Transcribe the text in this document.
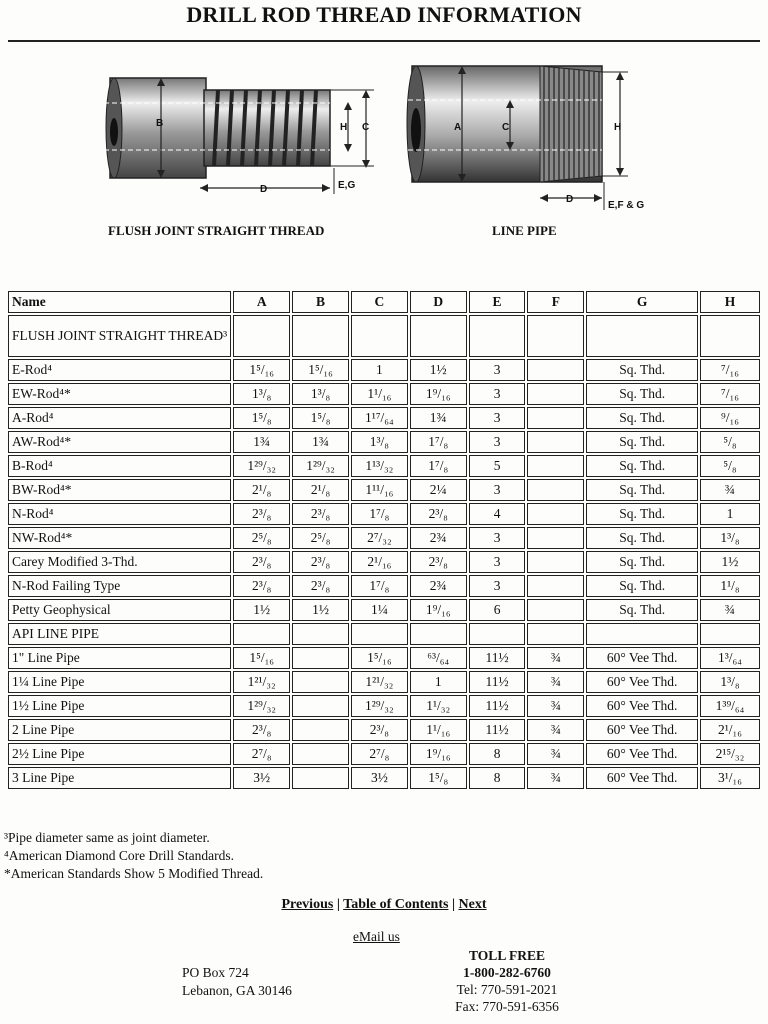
DRILL ROD THREAD INFORMATION
B	H C
D	E,G
FLUSH JOINT STRAIGHT THREAD
A	C	H
D
E,F & G
LINE PIPE
Name	A	B	C	D	E	F	G	H
FLUSH JOINT STRAIGHT THREAD³								
E-Rod⁴	1⁵/₁₆	1⁵/₁₆	1	1½	3		Sq. Thd.	⁷/₁₆
EW-Rod⁴*	1³/₈	1³/₈	1¹/₁₆	1⁹/₁₆	3		Sq. Thd.	⁷/₁₆
A-Rod⁴	1⁵/₈	1⁵/₈	1¹⁷/₆₄	1¾	3		Sq. Thd.	⁹/₁₆
AW-Rod⁴*	1¾	1¾	1³/₈	1⁷/₈	3		Sq. Thd.	⁵/₈
B-Rod⁴	1²⁹/₃₂	1²⁹/₃₂	1¹³/₃₂	1⁷/₈	5		Sq. Thd.	⁵/₈
BW-Rod⁴*	2¹/₈	2¹/₈	1¹¹/₁₆	2¼	3		Sq. Thd.	¾
N-Rod⁴	2³/₈	2³/₈	1⁷/₈	2³/₈	4		Sq. Thd.	1
NW-Rod⁴*	2⁵/₈	2⁵/₈	2⁷/₃₂	2¾	3		Sq. Thd.	1³/₈
Carey Modified 3-Thd.	2³/₈	2³/₈	2¹/₁₆	2³/₈	3		Sq. Thd.	1½
N-Rod Failing Type	2³/₈	2³/₈	1⁷/₈	2¾	3		Sq. Thd.	1¹/₈
Petty Geophysical	1½	1½	1¼	1⁹/₁₆	6		Sq. Thd.	¾
API LINE PIPE								
1" Line Pipe	1⁵/₁₆		1⁵/₁₆	⁶³/₆₄	11½	¾	60° Vee Thd.	1³/₆₄
1¼ Line Pipe	1²¹/₃₂		1²¹/₃₂	1	11½	¾	60° Vee Thd.	1³/₈
1½ Line Pipe	1²⁹/₃₂		1²⁹/₃₂	1¹/₃₂	11½	¾	60° Vee Thd.	1³⁹/₆₄
2 Line Pipe	2³/₈		2³/₈	1¹/₁₆	11½	¾	60° Vee Thd.	2¹/₁₆
2½ Line Pipe	2⁷/₈		2⁷/₈	1⁹/₁₆	8	¾	60° Vee Thd.	2¹⁵/₃₂
3 Line Pipe	3½		3½	1⁵/₈	8	¾	60° Vee Thd.	3¹/₁₆
³Pipe diameter same as joint diameter.
⁴American Diamond Core Drill Standards.
*American Standards Show 5 Modified Thread.
Previous | Table of Contents | Next
eMail us
PO Box 724
Lebanon, GA 30146
TOLL FREE
1-800-282-6760
Tel: 770-591-2021
Fax: 770-591-6356
